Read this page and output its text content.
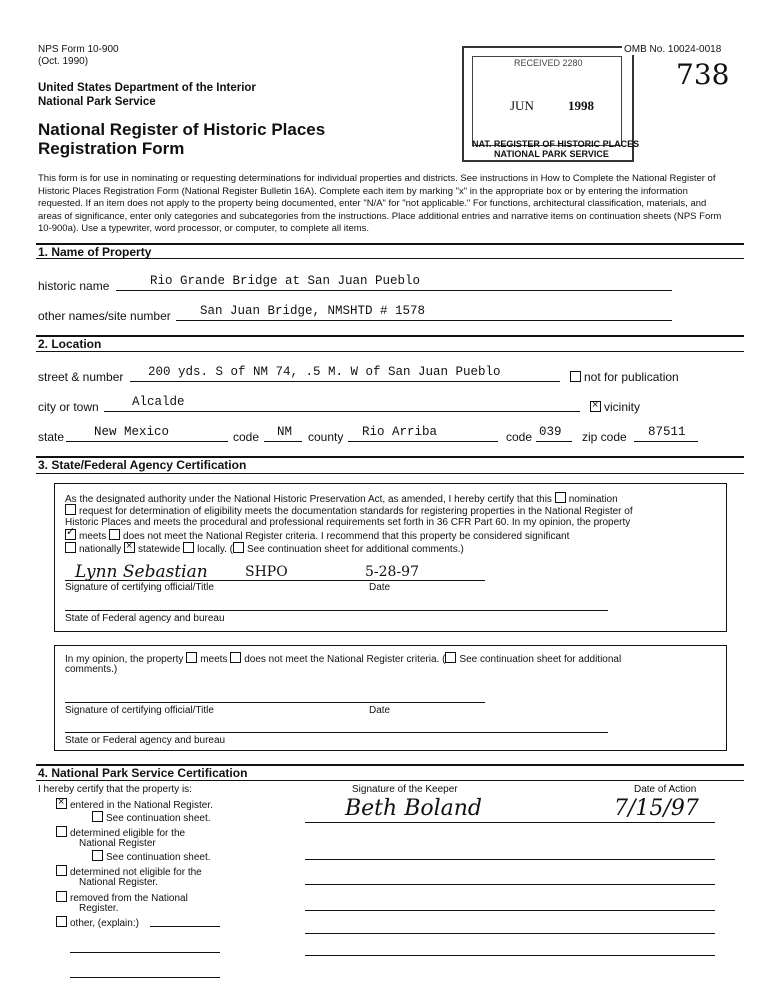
NPS Form 10-900
(Oct. 1990)
OMB No. 10024-0018
United States Department of the Interior
National Park Service
National Register of Historic Places
Registration Form
738
RECEIVED 2280
JUN	1998
NAT. REGISTER OF HISTORIC PLACES
NATIONAL PARK SERVICE
This form is for use in nominating or requesting determinations for individual properties and districts. See instructions in How to Complete the National Register of Historic Places Registration Form (National Register Bulletin 16A). Complete each item by marking "x" in the appropriate box or by entering the information requested. If an item does not apply to the property being documented, enter "N/A" for "not applicable." For functions, architectural classification, materials, and areas of significance, enter only categories and subcategories from the instructions. Place additional entries and narrative items on continuation sheets (NPS Form 10-900a). Use a typewriter, word processor, or computer, to complete all items.
1. Name of Property
historic name	Rio Grande Bridge at San Juan Pueblo
other names/site number San Juan Bridge, NMSHTD # 1578
2. Location
street & number 200 yds. S of NM 74, .5 M. W of San Juan Pueblo	not for publication
city or town	Alcalde ×	vicinity
state New Mexico	code NM county Rio Arriba	code 039 zip code 87511
3. State/Federal Agency Certification
As the designated authority under the National Historic Preservation Act, as amended, I hereby certify that this nomination
request for determination of eligibility meets the documentation standards for registering properties in the National Register of
Historic Places and meets the procedural and professional requirements set forth in 36 CFR Part 60. In my opinion, the property
✓meets does not meet the National Register criteria. I recommend that this property be considered significant
nationally × statewide locally. ( See continuation sheet for additional comments.)
Lynn Sebastian	SHPO	5-28-97
Signature of certifying official/Title	Date
State of Federal agency and bureau
In my opinion, the property meets does not meet the National Register criteria. ( See continuation sheet for additional
comments.)
Signature of certifying official/Title	Date
State or Federal agency and bureau
4. National Park Service Certification
I hereby certify that the property is:	Signature of the Keeper	Date of Action
Beth Boland	7/15/97
×entered in the National Register.
See continuation sheet.
determined eligible for the
National Register
See continuation sheet.
determined not eligible for the
National Register.
removed from the National
Register.
other, (explain:)
